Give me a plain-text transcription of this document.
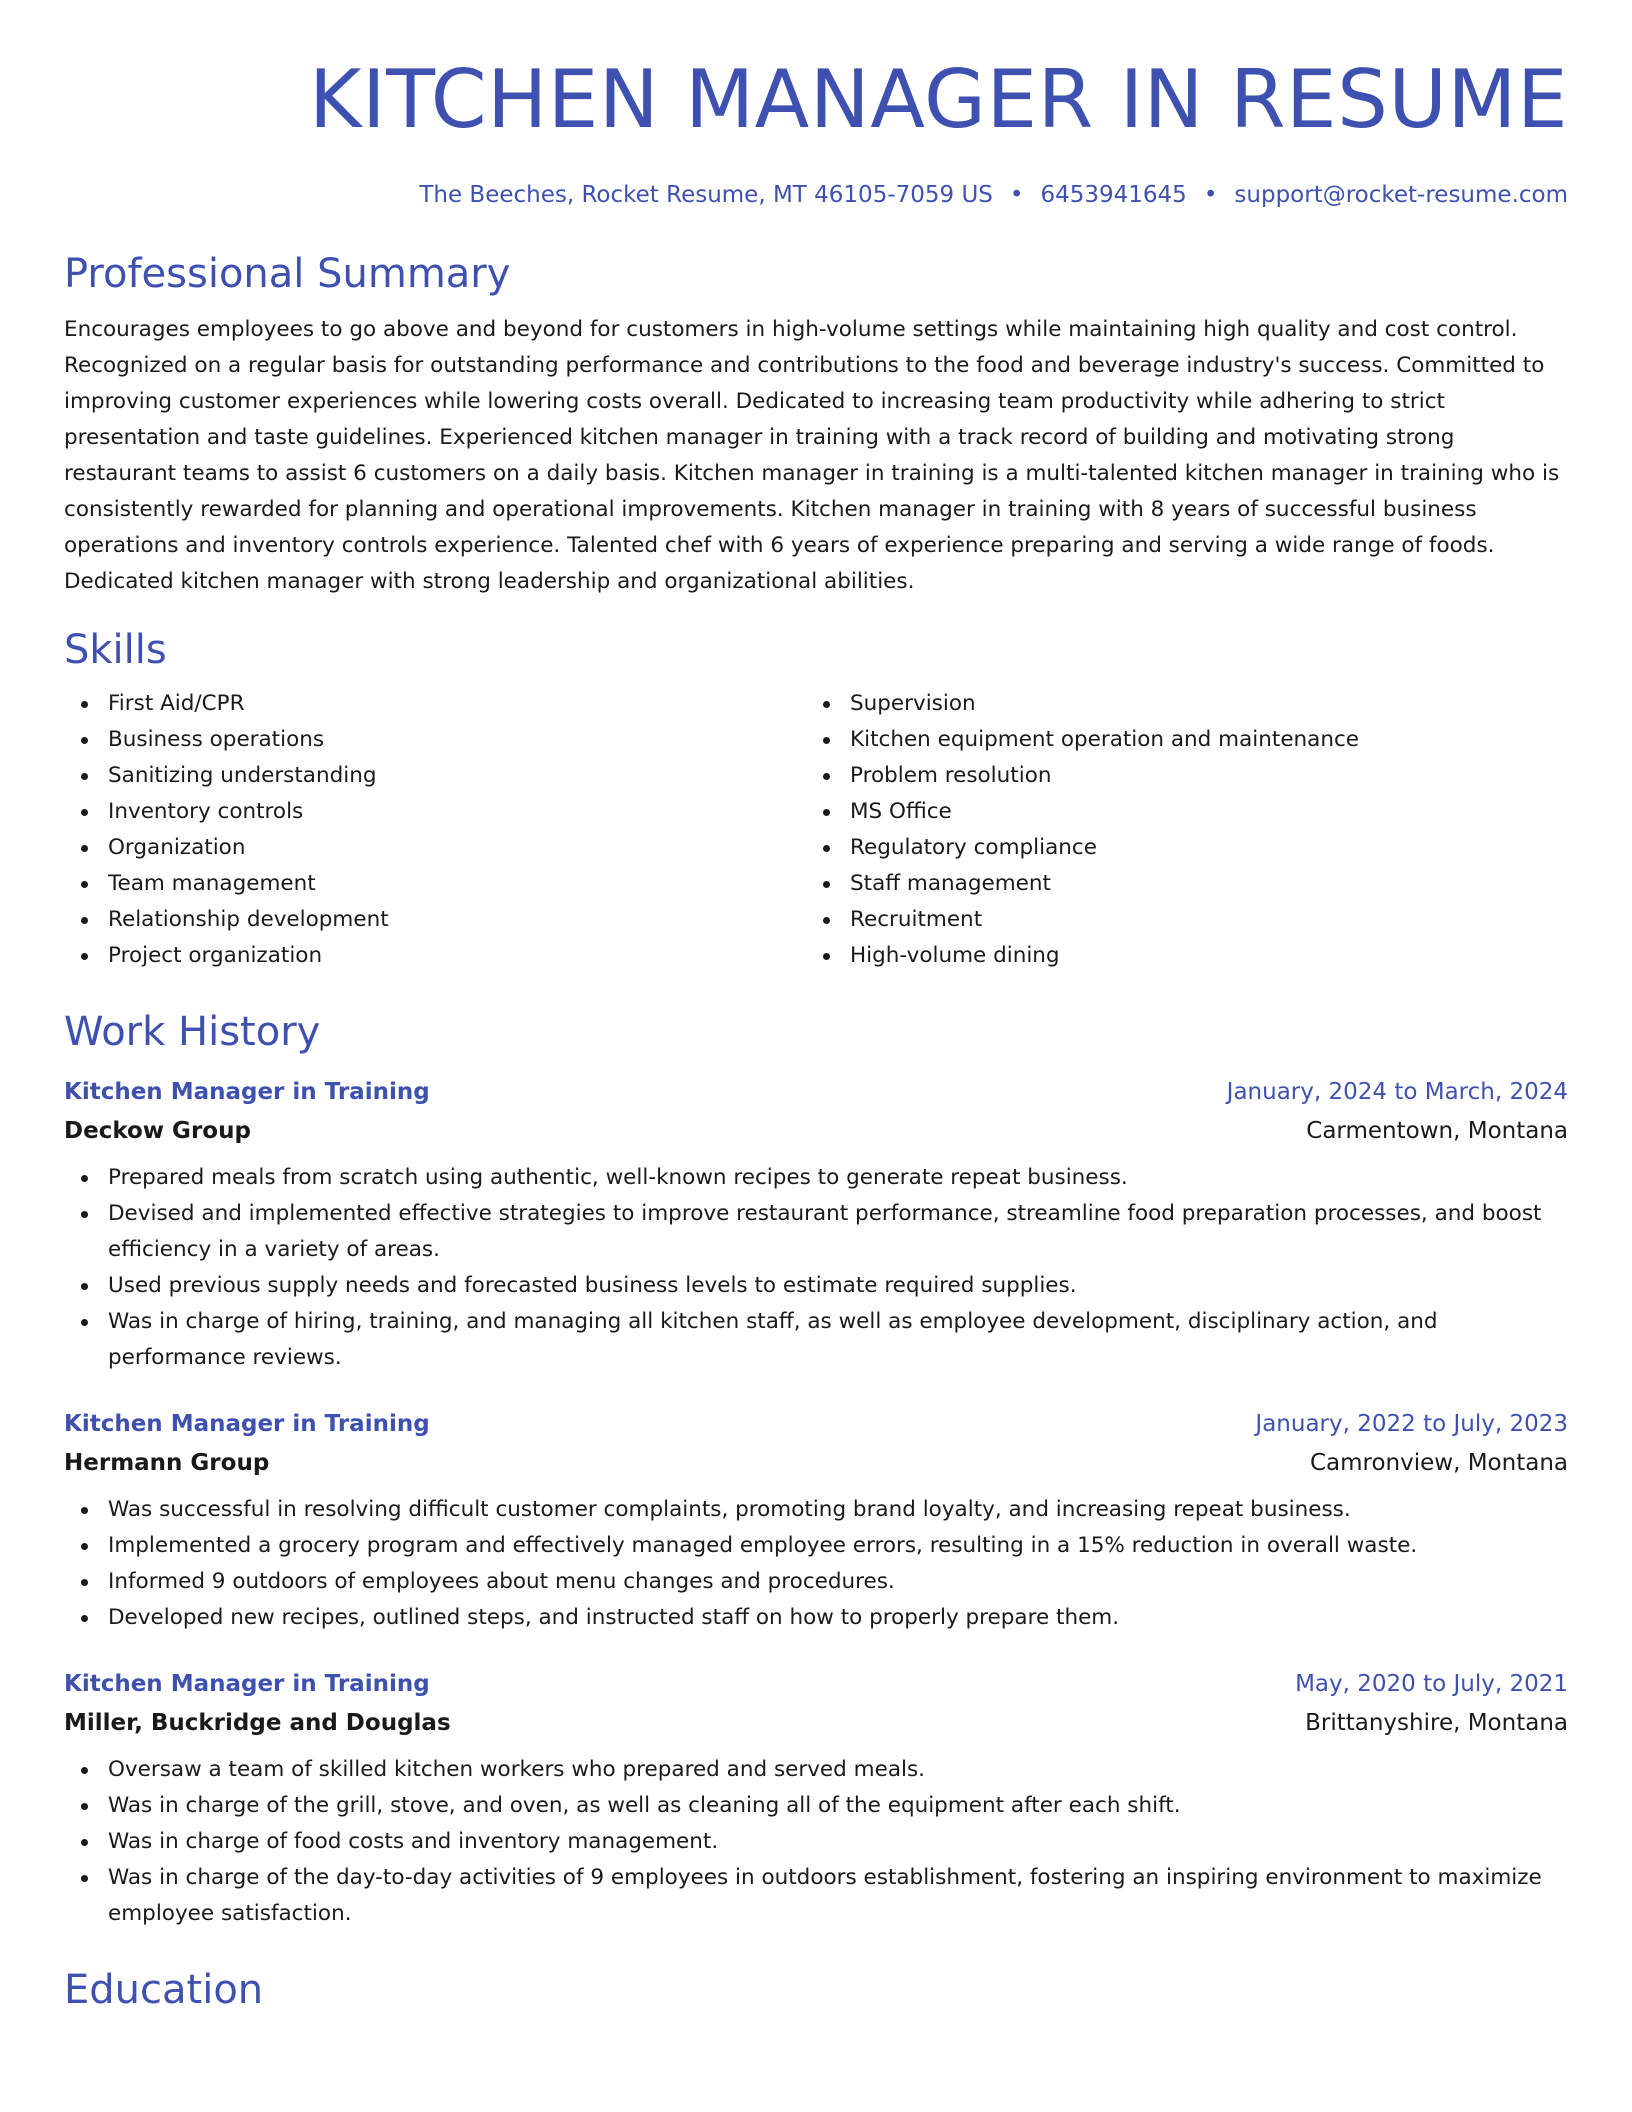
KITCHEN MANAGER IN RESUME
The Beeches, Rocket Resume, MT 46105-7059 US • 6453941645 • support@rocket-resume.com
Professional Summary
Encourages employees to go above and beyond for customers in high-volume settings while maintaining high quality and cost control. Recognized on a regular basis for outstanding performance and contributions to the food and beverage industry's success. Committed to improving customer experiences while lowering costs overall. Dedicated to increasing team productivity while adhering to strict presentation and taste guidelines. Experienced kitchen manager in training with a track record of building and motivating strong restaurant teams to assist 6 customers on a daily basis. Kitchen manager in training is a multi-talented kitchen manager in training who is consistently rewarded for planning and operational improvements. Kitchen manager in training with 8 years of successful business operations and inventory controls experience. Talented chef with 6 years of experience preparing and serving a wide range of foods. Dedicated kitchen manager with strong leadership and organizational abilities.
Skills
First Aid/CPR
Business operations
Sanitizing understanding
Inventory controls
Organization
Team management
Relationship development
Project organization
Supervision
Kitchen equipment operation and maintenance
Problem resolution
MS Office
Regulatory compliance
Staff management
Recruitment
High-volume dining
Work History
Kitchen Manager in Training	January, 2024 to March, 2024
Deckow Group	Carmentown, Montana
Prepared meals from scratch using authentic, well-known recipes to generate repeat business.
Devised and implemented effective strategies to improve restaurant performance, streamline food preparation processes, and boost efficiency in a variety of areas.
Used previous supply needs and forecasted business levels to estimate required supplies.
Was in charge of hiring, training, and managing all kitchen staff, as well as employee development, disciplinary action, and performance reviews.
Kitchen Manager in Training	January, 2022 to July, 2023
Hermann Group	Camronview, Montana
Was successful in resolving difficult customer complaints, promoting brand loyalty, and increasing repeat business.
Implemented a grocery program and effectively managed employee errors, resulting in a 15% reduction in overall waste.
Informed 9 outdoors of employees about menu changes and procedures.
Developed new recipes, outlined steps, and instructed staff on how to properly prepare them.
Kitchen Manager in Training	May, 2020 to July, 2021
Miller, Buckridge and Douglas	Brittanyshire, Montana
Oversaw a team of skilled kitchen workers who prepared and served meals.
Was in charge of the grill, stove, and oven, as well as cleaning all of the equipment after each shift.
Was in charge of food costs and inventory management.
Was in charge of the day-to-day activities of 9 employees in outdoors establishment, fostering an inspiring environment to maximize employee satisfaction.
Education
